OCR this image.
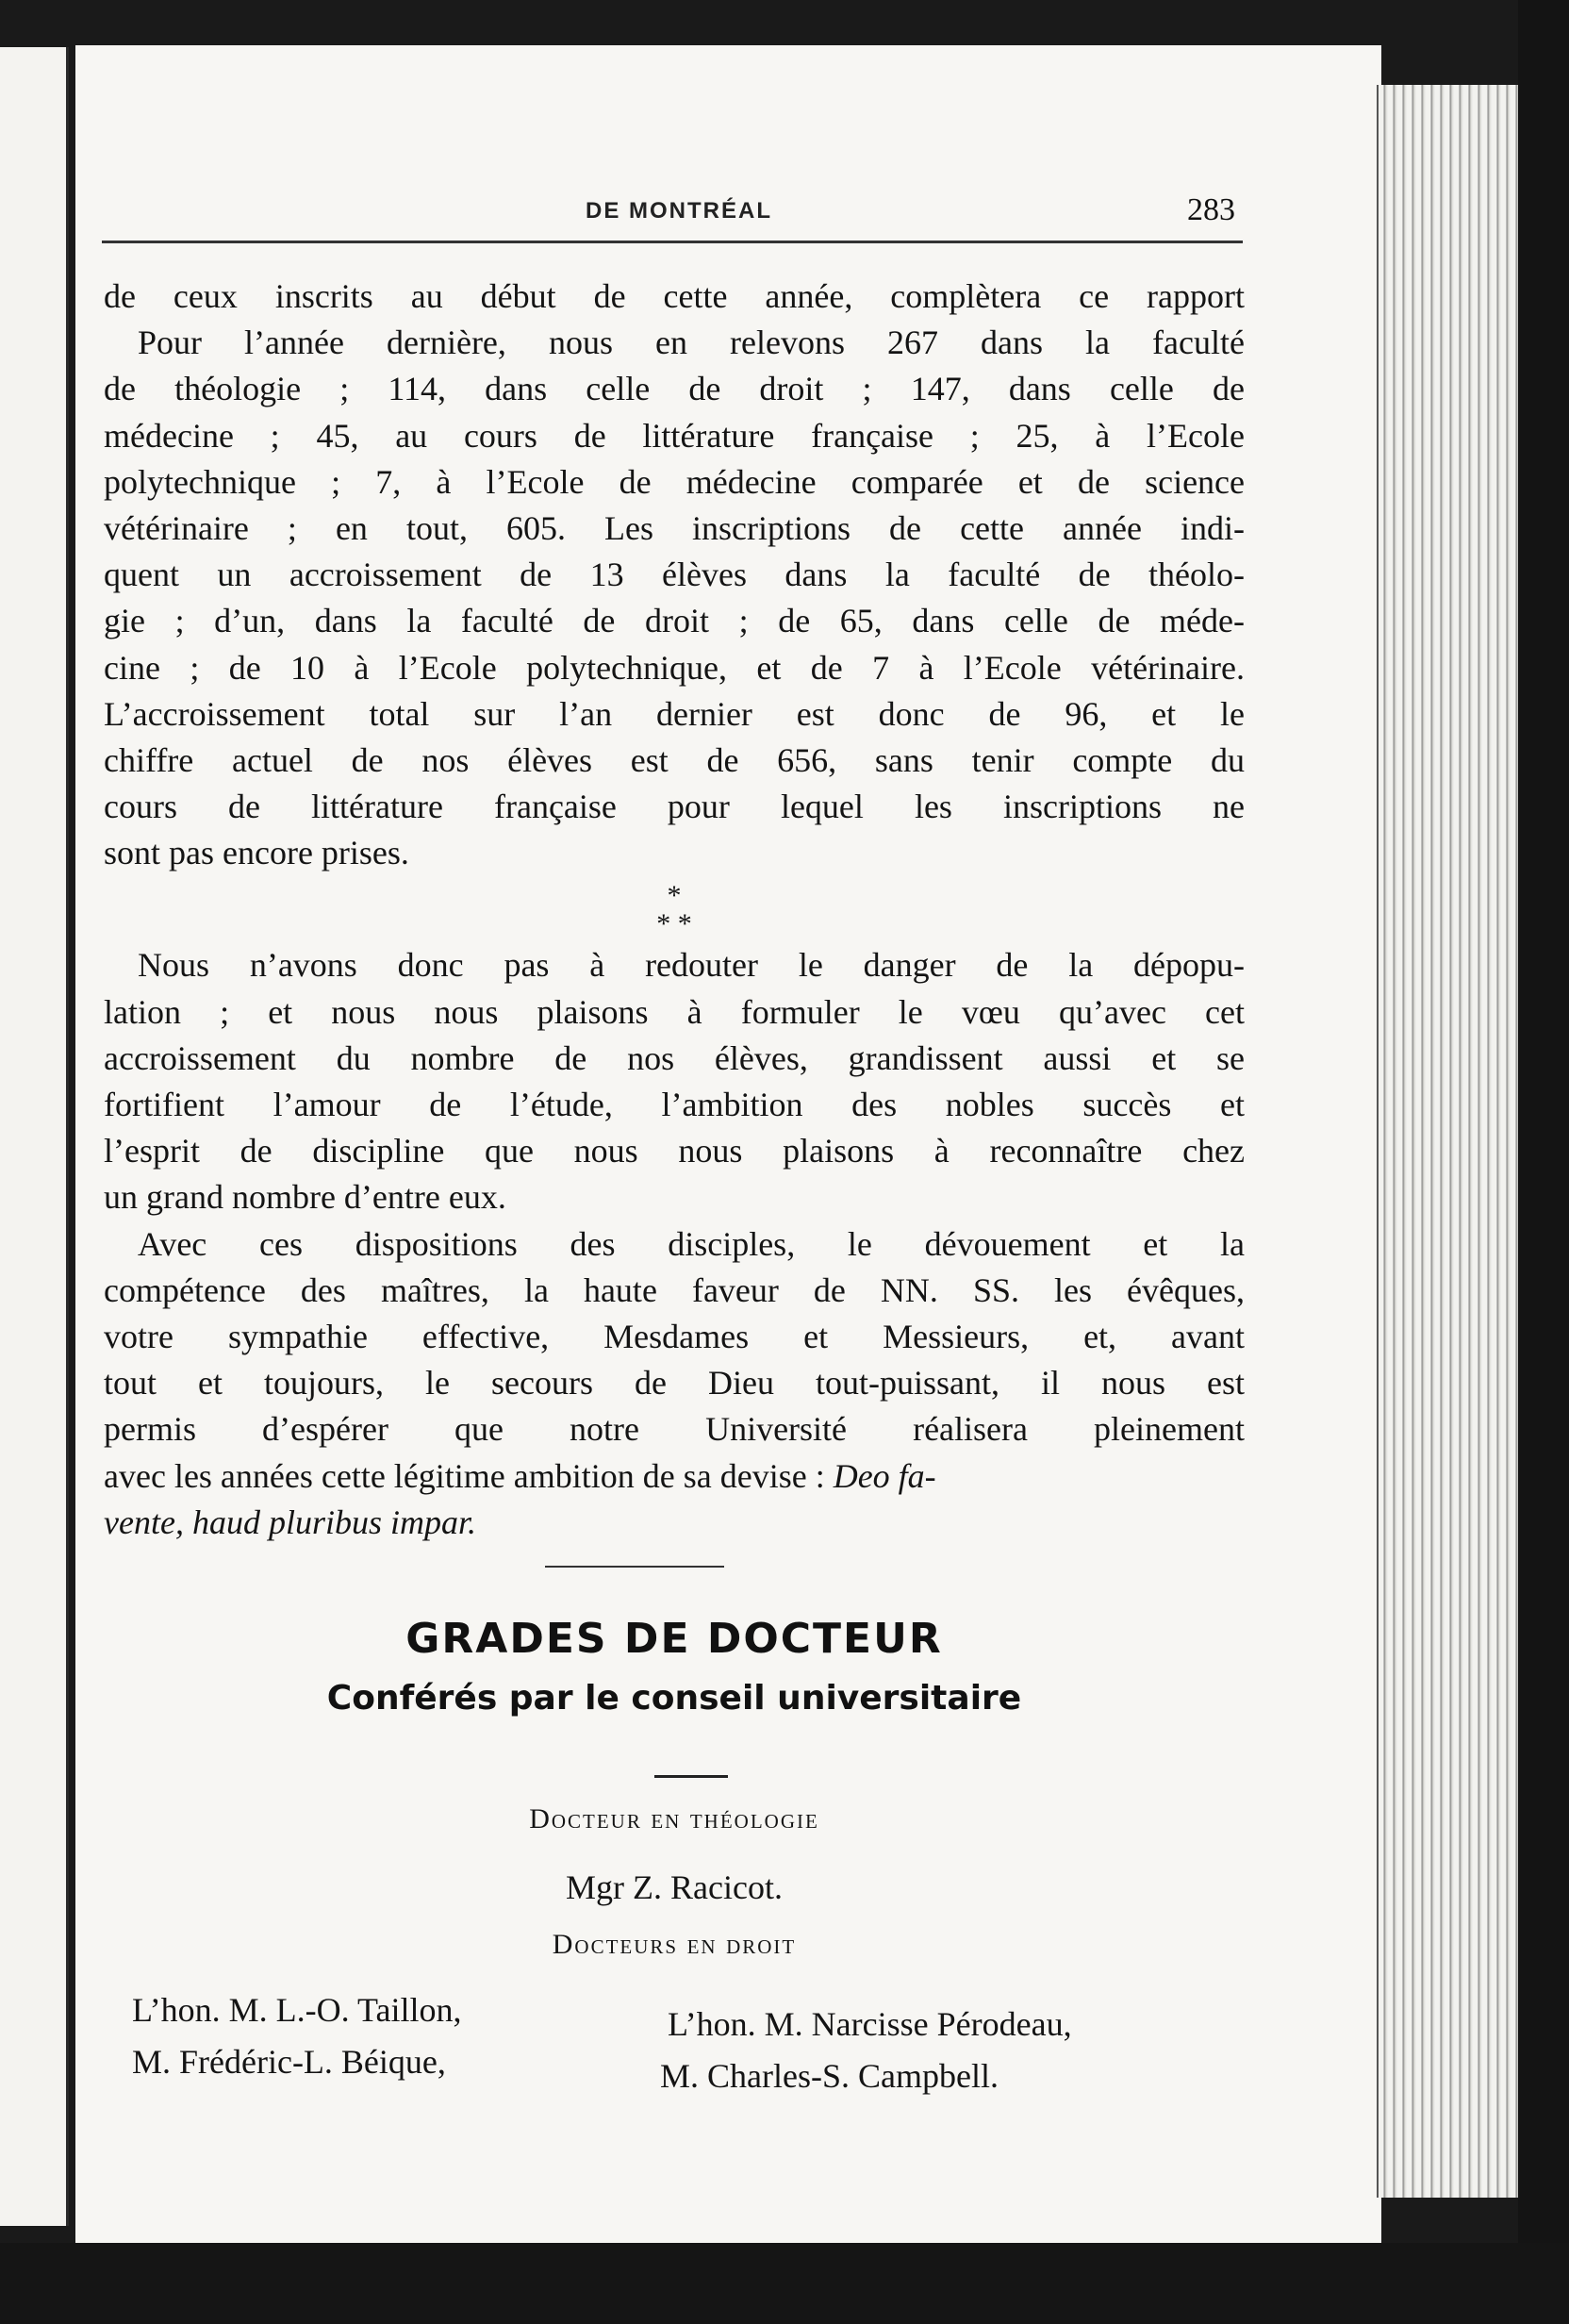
DE MONTRÉAL	283
de ceux inscrits au début de cette année, complètera ce rapport
Pour l’année dernière, nous en relevons 267 dans la faculté
de théologie ; 114, dans celle de droit ; 147, dans celle de
médecine ; 45, au cours de littérature française ; 25, à l’Ecole
polytechnique ; 7, à l’Ecole de médecine comparée et de science
vétérinaire ; en tout, 605. Les inscriptions de cette année indi-
quent un accroissement de 13 élèves dans la faculté de théolo-
gie ; d’un, dans la faculté de droit ; de 65, dans celle de méde-
cine ; de 10 à l’Ecole polytechnique, et de 7 à l’Ecole vétérinaire.
L’accroissement total sur l’an dernier est donc de 96, et le
chiffre actuel de nos élèves est de 656, sans tenir compte du
cours de littérature française pour lequel les inscriptions ne
sont pas encore prises.
*
* *
Nous n’avons donc pas à redouter le danger de la dépopu-
lation ; et nous nous plaisons à formuler le vœu qu’avec cet
accroissement du nombre de nos élèves, grandissent aussi et se
fortifient l’amour de l’étude, l’ambition des nobles succès et
l’esprit de discipline que nous nous plaisons à reconnaître chez
un grand nombre d’entre eux.
Avec ces dispositions des disciples, le dévouement et la
compétence des maîtres, la haute faveur de NN. SS. les évêques,
votre sympathie effective, Mesdames et Messieurs, et, avant
tout et toujours, le secours de Dieu tout-puissant, il nous est
permis d’espérer que notre Université réalisera pleinement
avec les années cette légitime ambition de sa devise : Deo fa-
vente, haud pluribus impar.
GRADES DE DOCTEUR
Conférés par le conseil universitaire
Docteur en théologie
Mgr Z. Racicot.
Docteurs en droit
L’hon. M. L.-O. Taillon,
M. Frédéric-L. Béique,
L’hon. M. Narcisse Pérodeau,
M. Charles-S. Campbell.
